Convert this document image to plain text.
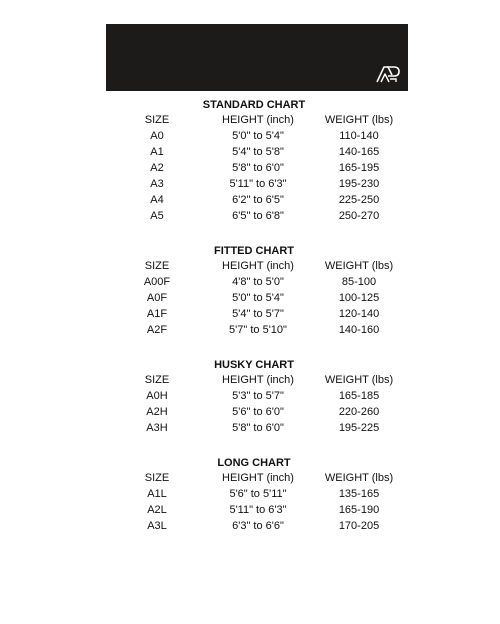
STANDARD CHART
SIZE	HEIGHT (inch)	WEIGHT (lbs)
A0	5'0" to 5'4"	110-140
A1	5'4" to 5'8"	140-165
A2	5'8" to 6'0"	165-195
A3	5'11" to 6'3"	195-230
A4	6'2" to 6'5"	225-250
A5	6'5" to 6'8"	250-270
FITTED CHART
SIZE	HEIGHT (inch)	WEIGHT (lbs)
A00F	4'8" to 5'0"	85-100
A0F	5'0" to 5'4"	100-125
A1F	5'4" to 5'7"	120-140
A2F	5'7" to 5'10"	140-160
HUSKY CHART
SIZE	HEIGHT (inch)	WEIGHT (lbs)
A0H	5'3" to 5'7"	165-185
A2H	5'6" to 6'0"	220-260
A3H	5'8" to 6'0"	195-225
LONG CHART
SIZE	HEIGHT (inch)	WEIGHT (lbs)
A1L	5'6" to 5'11"	135-165
A2L	5'11" to 6'3"	165-190
A3L	6'3" to 6'6"	170-205
